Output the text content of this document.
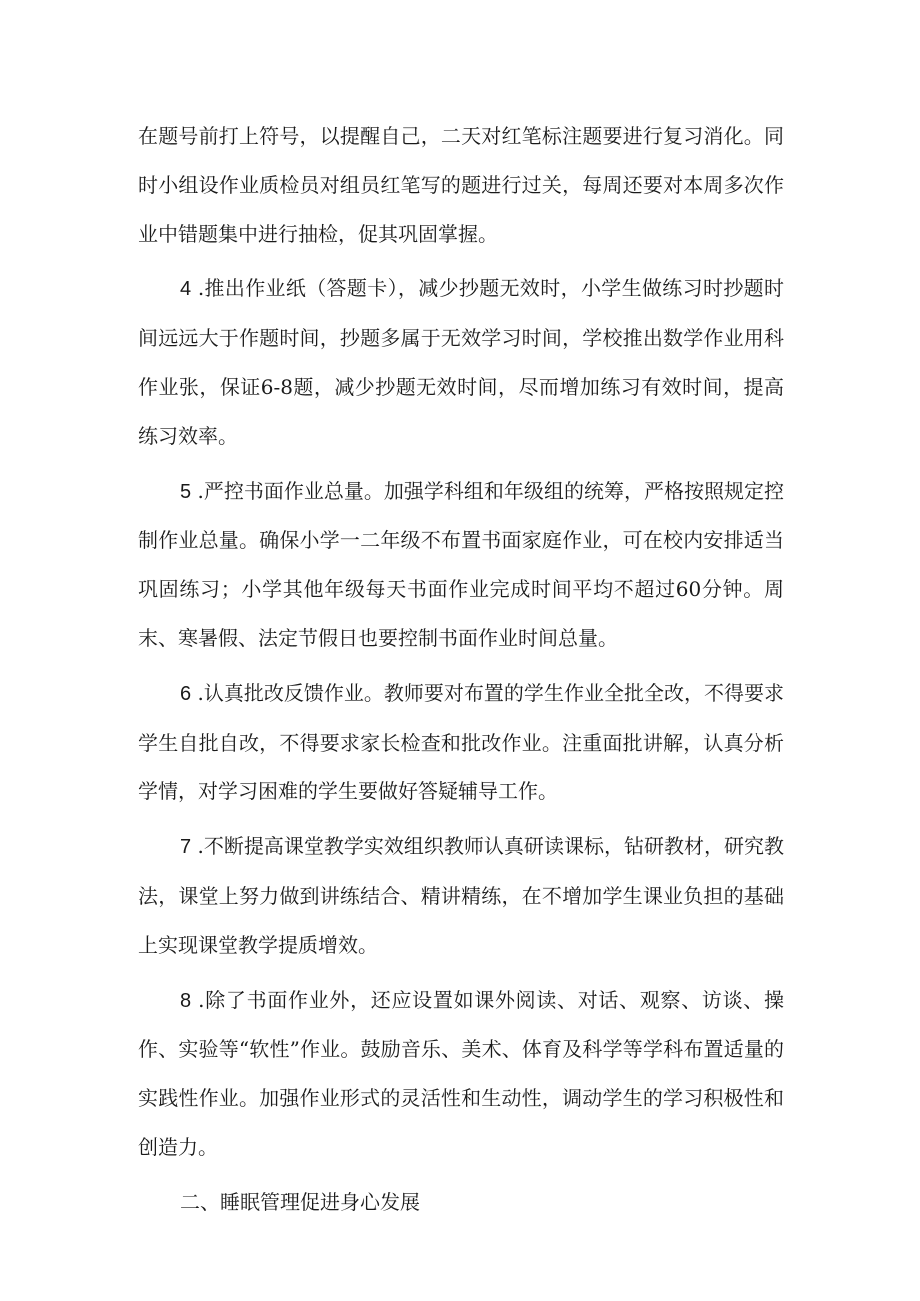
在题号前打上符号，以提醒自己，二天对红笔标注题要进行复习消化。同时小组设作业质检员对组员红笔写的题进行过关，每周还要对本周多次作业中错题集中进行抽检，促其巩固掌握。

4 .推出作业纸（答题卡），减少抄题无效时，小学生做练习时抄题时间远远大于作题时间，抄题多属于无效学习时间，学校推出数学作业用科作业张，保证6-8题，减少抄题无效时间，尽而增加练习有效时间，提高练习效率。

5 .严控书面作业总量。加强学科组和年级组的统筹，严格按照规定控制作业总量。确保小学一二年级不布置书面家庭作业，可在校内安排适当巩固练习；小学其他年级每天书面作业完成时间平均不超过60分钟。周末、寒暑假、法定节假日也要控制书面作业时间总量。

6 .认真批改反馈作业。教师要对布置的学生作业全批全改，不得要求学生自批自改，不得要求家长检查和批改作业。注重面批讲解，认真分析学情，对学习困难的学生要做好答疑辅导工作。

7 .不断提高课堂教学实效组织教师认真研读课标，钻研教材，研究教法，课堂上努力做到讲练结合、精讲精练，在不增加学生课业负担的基础上实现课堂教学提质增效。

8 .除了书面作业外，还应设置如课外阅读、对话、观察、访谈、操作、实验等“软性”作业。鼓励音乐、美术、体育及科学等学科布置适量的实践性作业。加强作业形式的灵活性和生动性，调动学生的学习积极性和创造力。

二、睡眠管理促进身心发展
